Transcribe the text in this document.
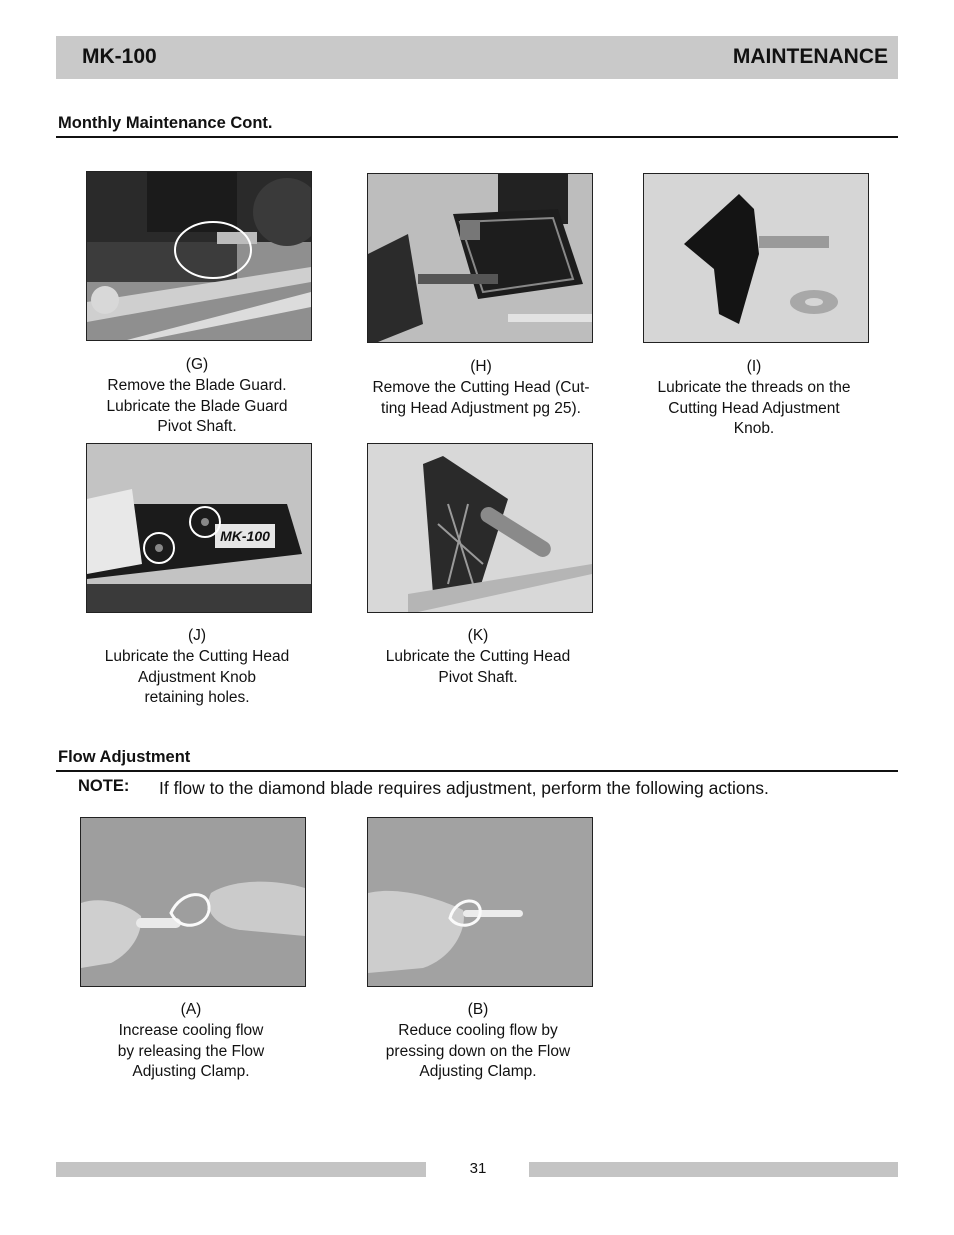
MK-100	MAINTENANCE
Monthly Maintenance Cont.
(G)
Remove the Blade Guard.
Lubricate the Blade Guard
Pivot Shaft.
(H)
Remove the Cutting Head (Cut-
ting Head Adjustment pg 25).
(I)
Lubricate the threads on the
Cutting Head Adjustment
Knob.
MK-100
(J)
Lubricate the Cutting Head
Adjustment Knob
retaining holes.
(K)
Lubricate the Cutting Head
Pivot Shaft.
Flow Adjustment
NOTE: If flow to the diamond blade requires adjustment, perform the following actions.
(A)
Increase cooling flow
by releasing the Flow
Adjusting Clamp.
(B)
Reduce cooling flow by
pressing down on the Flow
Adjusting Clamp.
31
